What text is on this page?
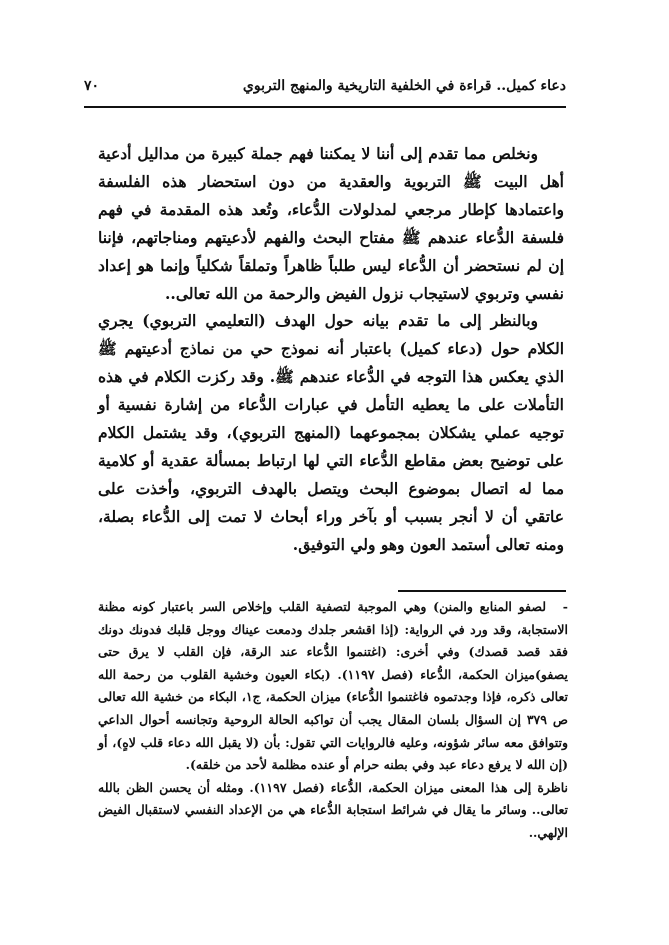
دعاء كميل.. قراءة في الخلفية التاريخية والمنهج التربوي
٧٠

ونخلص مما تقدم إلى أننا لا يمكننا فهم جملة كبيرة من مداليل أدعية أهل البيت ﷺ التربوية والعقدية من دون استحضار هذه الفلسفة واعتمادها كإطار مرجعي لمدلولات الدُّعاء، وتُعد هذه المقدمة في فهم فلسفة الدُّعاء عندهم ﷺ مفتاح البحث والفهم لأدعيتهم ومناجاتهم، فإننا إن لم نستحضر أن الدُّعاء ليس طلباً ظاهراً وتملقاً شكلياً وإنما هو إعداد نفسي وتربوي لاستيجاب نزول الفيض والرحمة من الله تعالى..

وبالنظر إلى ما تقدم بيانه حول الهدف (التعليمي التربوي) يجري الكلام حول (دعاء كميل) باعتبار أنه نموذج حي من نماذج أدعيتهم ﷺ الذي يعكس هذا التوجه في الدُّعاء عندهم ﷺ. وقد ركزت الكلام في هذه التأملات على ما يعطيه التأمل في عبارات الدُّعاء من إشارة نفسية أو توجيه عملي يشكلان بمجموعهما (المنهج التربوي)، وقد يشتمل الكلام على توضيح بعض مقاطع الدُّعاء التي لها ارتباط بمسألة عقدية أو كلامية مما له اتصال بموضوع البحث ويتصل بالهدف التربوي، وأخذت على عاتقي أن لا أنجر بسبب أو بآخر وراء أبحاث لا تمت إلى الدُّعاء بصلة، ومنه تعالى أستمد العون وهو ولي التوفيق.

-لصفو المنابع والمنن) وهي الموجبة لتصفية القلب وإخلاص السر باعتبار كونه مظنة الاستجابة، وقد ورد في الرواية: (إذا اقشعر جلدك ودمعت عيناك ووجل قلبك فدونك دونك فقد قصد قصدك) وفي أخرى: (اغتنموا الدُّعاء عند الرقة، فإن القلب لا يرق حتى يصفو)ميزان الحكمة، الدُّعاء (فصل ١١٩٧). (بكاء العيون وخشية القلوب من رحمة الله تعالى ذكره، فإذا وجدتموه فاغتنموا الدُّعاء) ميزان الحكمة، ج١، البكاء من خشية الله تعالى ص ٣٧٩ إن السؤال بلسان المقال يجب أن تواكبه الحالة الروحية وتجانسه أحوال الداعي وتتوافق معه سائر شؤونه، وعليه فالروايات التي تقول: بأن (لا يقبل الله دعاء قلب لاهٍ)، أو (إن الله لا يرفع دعاء عبد وفي بطنه حرام أو عنده مظلمة لأحد من خلقه).

ناظرة إلى هذا المعنى ميزان الحكمة، الدُّعاء (فصل ١١٩٧). ومثله أن يحسن الظن بالله تعالى.. وسائر ما يقال في شرائط استجابة الدُّعاء هي من الإعداد النفسي لاستقبال الفيض الإلهي..
